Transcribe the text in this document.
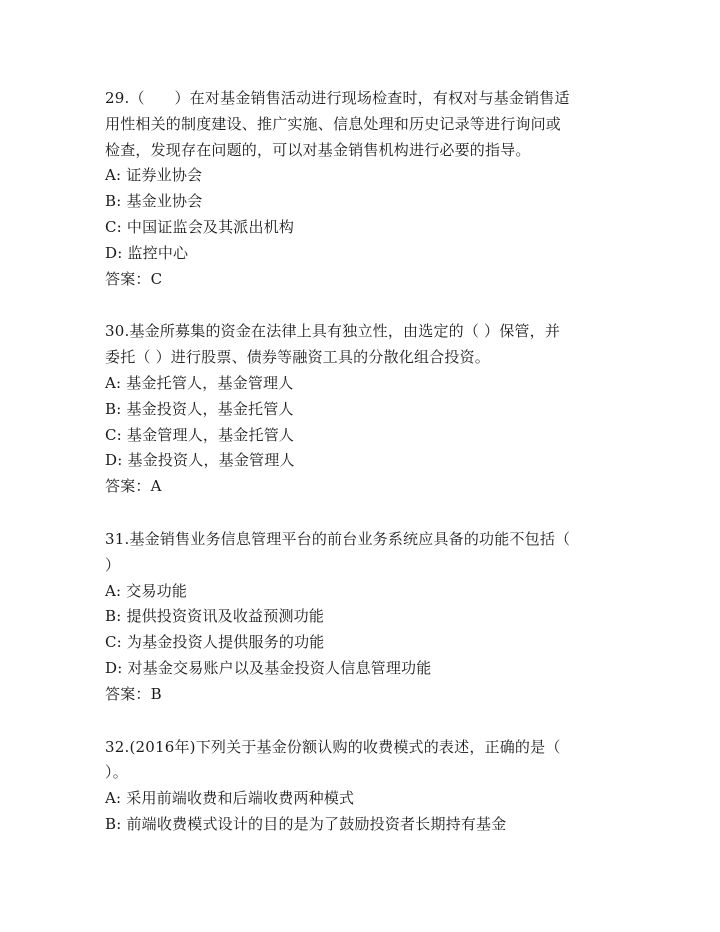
29.（      ）在对基金销售活动进行现场检查时，有权对与基金销售适
用性相关的制度建设、推广实施、信息处理和历史记录等进行询问或
检查，发现存在问题的，可以对基金销售机构进行必要的指导。
A: 证券业协会
B: 基金业协会
C: 中国证监会及其派出机构
D: 监控中心
答案：C
30.基金所募集的资金在法律上具有独立性，由选定的（ ）保管，并
委托（ ）进行股票、债券等融资工具的分散化组合投资。
A: 基金托管人，基金管理人
B: 基金投资人，基金托管人
C: 基金管理人，基金托管人
D: 基金投资人，基金管理人
答案：A
31.基金销售业务信息管理平台的前台业务系统应具备的功能不包括（
）
A: 交易功能
B: 提供投资资讯及收益预测功能
C: 为基金投资人提供服务的功能
D: 对基金交易账户以及基金投资人信息管理功能
答案：B
32.(2016年)下列关于基金份额认购的收费模式的表述，正确的是（
）。
A: 采用前端收费和后端收费两种模式
B: 前端收费模式设计的目的是为了鼓励投资者长期持有基金
